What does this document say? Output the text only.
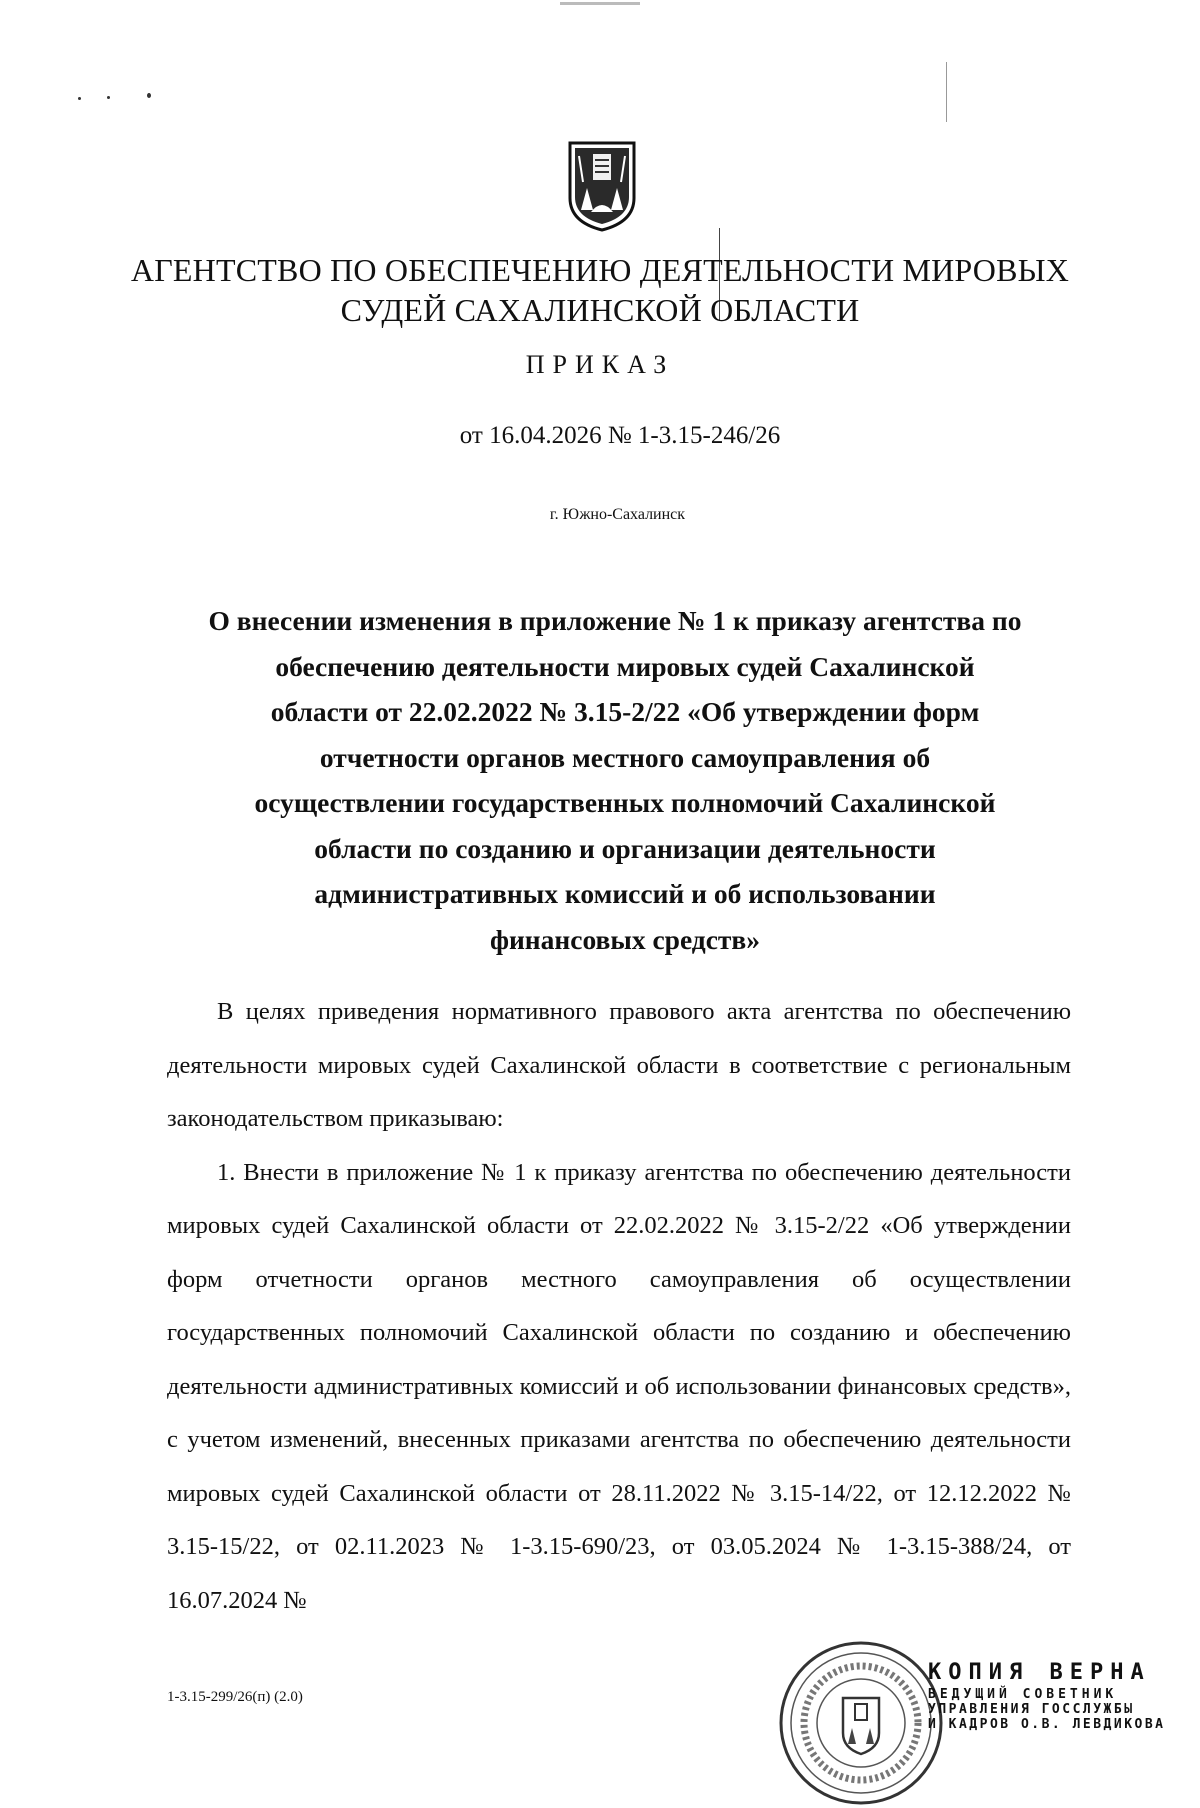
АГЕНТСТВО ПО ОБЕСПЕЧЕНИЮ ДЕЯТЕЛЬНОСТИ МИРОВЫХ
СУДЕЙ САХАЛИНСКОЙ ОБЛАСТИ
ПРИКАЗ
от 16.04.2026 № 1-3.15-246/26
г. Южно-Сахалинск
О внесении изменения в приложение № 1 к приказу агентства по
обеспечению деятельности мировых судей Сахалинской
области от 22.02.2022 № 3.15-2/22 «Об утверждении форм
отчетности органов местного самоуправления об
осуществлении государственных полномочий Сахалинской
области по созданию и организации деятельности
административных комиссий и об использовании
финансовых средств»

В целях приведения нормативного правового акта агентства по обеспечению деятельности мировых судей Сахалинской области в соответствие с региональным законодательством приказываю:

1. Внести в приложение № 1 к приказу агентства по обеспечению деятельности мировых судей Сахалинской области от 22.02.2022 № 3.15-2/22 «Об утверждении форм отчетности органов местного самоуправления об осуществлении государственных полномочий Сахалинской области по созданию и обеспечению деятельности административных комиссий и об использовании финансовых средств», с учетом изменений, внесенных приказами агентства по обеспечению деятельности мировых судей Сахалинской области от 28.11.2022 № 3.15-14/22, от 12.12.2022 № 3.15-15/22, от 02.11.2023 № 1-3.15-690/23, от 03.05.2024 № 1-3.15-388/24, от 16.07.2024 №

1-3.15-299/26(п) (2.0)
КОПИЯ ВЕРНА
ВЕДУЩИЙ СОВЕТНИК
УПРАВЛЕНИЯ ГОССЛУЖБЫ
И КАДРОВ О.В. ЛЕВДИКОВА
